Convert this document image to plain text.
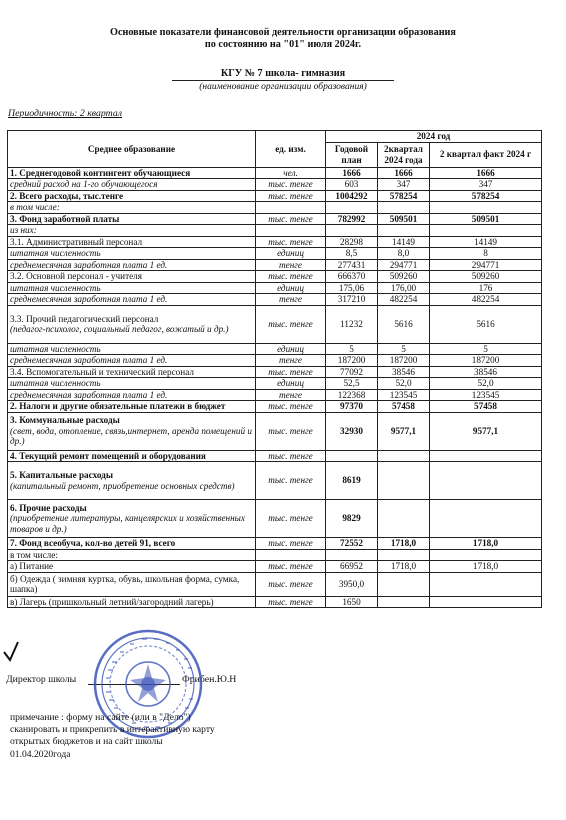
Основные показатели финансовой деятельности организации образования
по состоянию на "01" июля 2024г.
КГУ № 7 школа- гимназия
(наименование организации образования)
Периодичность: 2 квартал
Среднее образование	ед. изм.	2024 год		
		Годовой план	2квартал 2024 года	2 квартал факт 2024 г

1. Среднегодовой контингент обучающиеся	чел.	1666	1666	1666

средний расход на 1-го обучающегося	тыс. тенге	603	347	347

2. Всего расходы, тыс.тенге	тыс. тенге	1004292	578254	578254

в том числе:				

3. Фонд заработной платы	тыс. тенге	782992	509501	509501

из них:				

3.1. Административный персонал	тыс. тенге	28298	14149	14149

штатная численность	единиц	8,5	8,0	8

среднемесячная заработная плата 1 ед.	тенге	277431	294771	294771

3.2. Основной персонал - учителя	тыс. тенге	666370	509260	509260

штатная численность	единиц	175,06	176,00	176

среднемесячная заработная плата 1 ед.	тенге	317210	482254	482254

3.3. Прочий педагогический персонал
(педагог-психолог, социальный педагог, вожатый и др.)	тыс. тенге	11232	5616	5616

штатная численность	единиц	5	5	5

среднемесячная заработная плата 1 ед.	тенге	187200	187200	187200

3.4. Вспомогательный и технический персонал	тыс. тенге	77092	38546	38546

штатная численность	единиц	52,5	52,0	52,0

среднемесячная заработная плата 1 ед.	тенге	122368	123545	123545

2. Налоги и другие обязательные платежи в бюджет	тыс. тенге	97370	57458	57458

3. Коммунальные расходы
(свет, вода, отопление, связь,интернет, аренда помещений и др.)	тыс. тенге	32930	9577,1	9577,1

4. Текущий ремонт помещений и оборудования	тыс. тенге			

5. Капитальные расходы
(капитальный ремонт, приобретение основных средств)	тыс. тенге	8619		

6. Прочие расходы
(приобретение литературы, канцелярских и хозяйственных товаров и др.)	тыс. тенге	9829		

7. Фонд всеобуча, кол-во детей 91, всего	тыс. тенге	72552	1718,0	1718,0

в том числе:				

а) Питание	тыс. тенге	66952	1718,0	1718,0

б) Одежда ( зимняя куртка, обувь, школьная форма, сумка, шапка)	тыс. тенге	3950,0		

в) Лагерь (пришкольный летний/загородний лагерь)	тыс. тенге	1650		
Директор школы	Фрибен.Ю.Н
примечание : форму на сайте (или в "Дело")
сканировать и прикрепить в интерактивную карту
открытых бюджетов и на сайт школы
01.04.2020года
